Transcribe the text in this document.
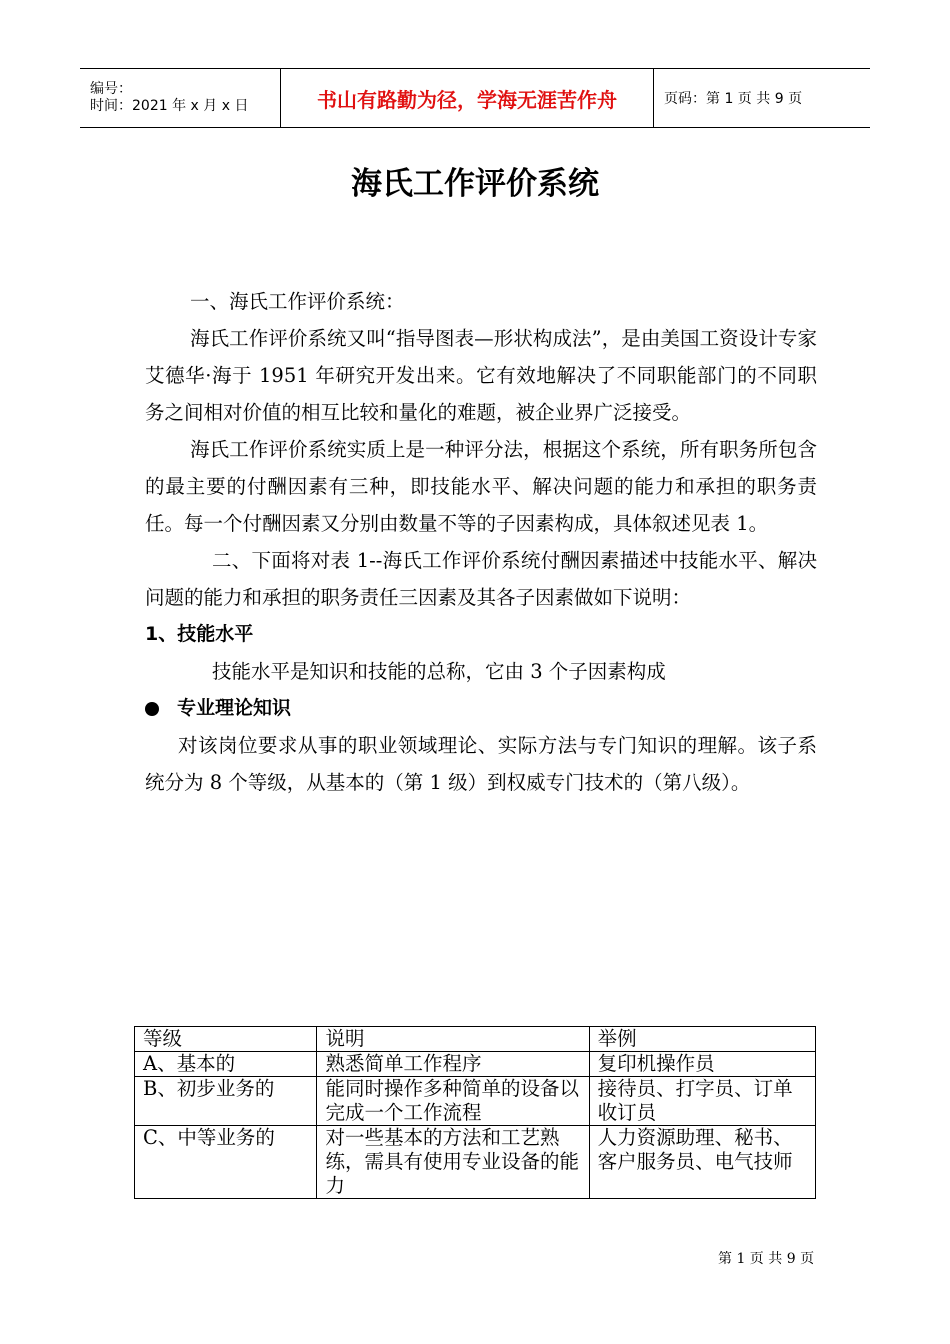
编号：
时间：2021 年 x 月 x 日	书山有路勤为径，学海无涯苦作舟	页码：第 1 页 共 9 页
海氏工作评价系统

一、海氏工作评价系统：

海氏工作评价系统又叫“指导图表—形状构成法”，是由美国工资设计专家艾德华·海于 1951 年研究开发出来。它有效地解决了不同职能部门的不同职务之间相对价值的相互比较和量化的难题，被企业界广泛接受。

海氏工作评价系统实质上是一种评分法，根据这个系统，所有职务所包含的最主要的付酬因素有三种，即技能水平、解决问题的能力和承担的职务责任。每一个付酬因素又分别由数量不等的子因素构成，具体叙述见表 1。

二、下面将对表 1--海氏工作评价系统付酬因素描述中技能水平、解决问题的能力和承担的职务责任三因素及其各子因素做如下说明：

1、技能水平

技能水平是知识和技能的总称，它由 3 个子因素构成

专业理论知识

对该岗位要求从事的职业领域理论、实际方法与专门知识的理解。该子系统分为 8 个等级，从基本的（第 1 级）到权威专门技术的（第八级）。

等级	说明	举例
A、基本的	熟悉简单工作程序	复印机操作员
B、初步业务的	能同时操作多种简单的设备以完成一个工作流程	接待员、打字员、订单收订员
C、中等业务的	对一些基本的方法和工艺熟练，需具有使用专业设备的能力	人力资源助理、秘书、客户服务员、电气技师
第 1 页 共 9 页
